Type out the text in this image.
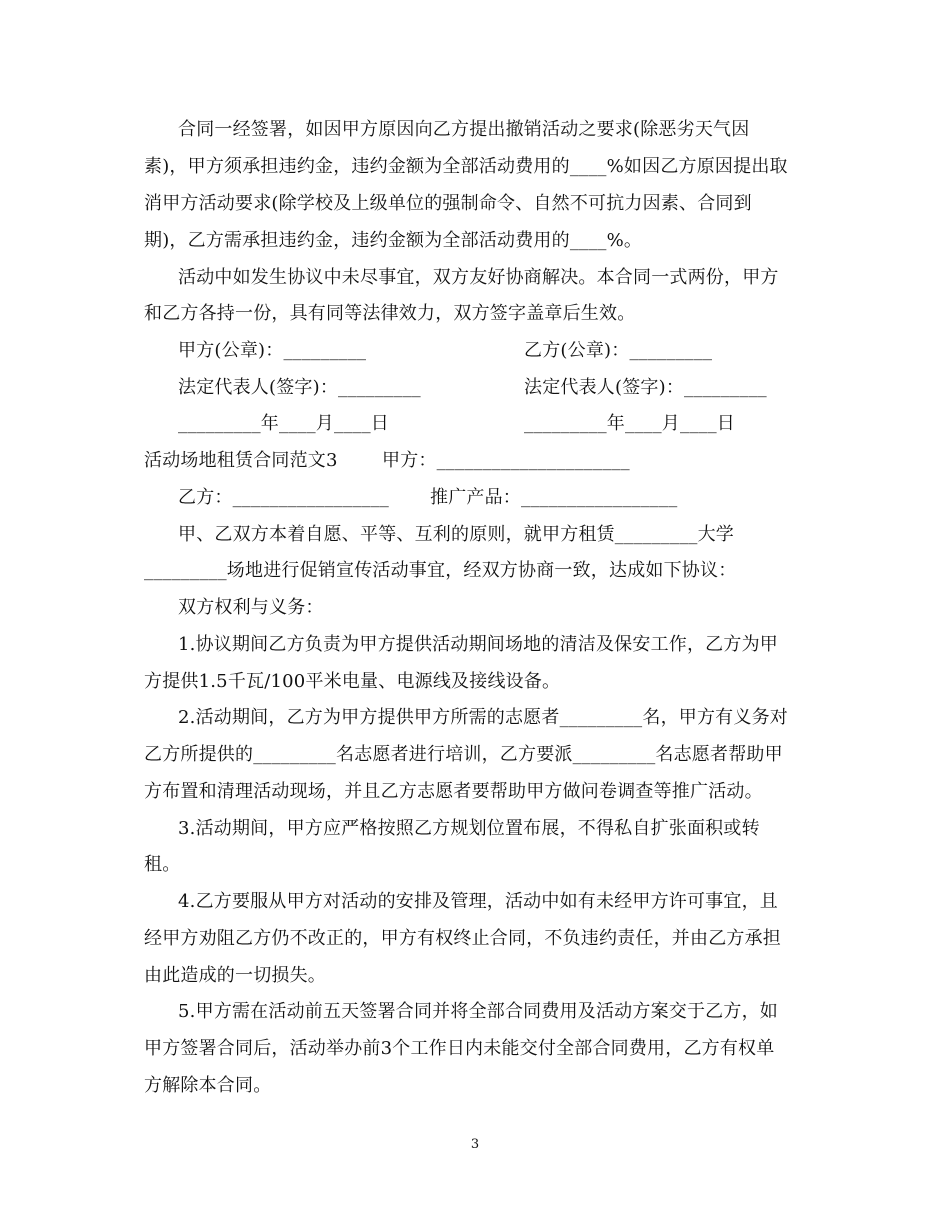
合同一经签署，如因甲方原因向乙方提出撤销活动之要求(除恶劣天气因
素)，甲方须承担违约金，违约金额为全部活动费用的____%如因乙方原因提出取
消甲方活动要求(除学校及上级单位的强制命令、自然不可抗力因素、合同到
期)，乙方需承担违约金，违约金额为全部活动费用的____%。
活动中如发生协议中未尽事宜，双方友好协商解决。本合同一式两份，甲方
和乙方各持一份，具有同等法律效力，双方签字盖章后生效。
甲方(公章)：_________	乙方(公章)：_________
法定代表人(签字)：_________	法定代表人(签字)：_________
_________年____月____日	_________年____月____日
活动场地租赁合同范文3 甲方：_____________________
乙方：_________________ 推广产品：_________________
甲、乙双方本着自愿、平等、互利的原则，就甲方租赁_________大学
_________场地进行促销宣传活动事宜，经双方协商一致，达成如下协议：
双方权利与义务：
1.协议期间乙方负责为甲方提供活动期间场地的清洁及保安工作，乙方为甲
方提供1.5千瓦/100平米电量、电源线及接线设备。
2.活动期间，乙方为甲方提供甲方所需的志愿者_________名，甲方有义务对
乙方所提供的_________名志愿者进行培训，乙方要派_________名志愿者帮助甲
方布置和清理活动现场，并且乙方志愿者要帮助甲方做问卷调查等推广活动。
3.活动期间，甲方应严格按照乙方规划位置布展，不得私自扩张面积或转
租。
4.乙方要服从甲方对活动的安排及管理，活动中如有未经甲方许可事宜，且
经甲方劝阻乙方仍不改正的，甲方有权终止合同，不负违约责任，并由乙方承担
由此造成的一切损失。
5.甲方需在活动前五天签署合同并将全部合同费用及活动方案交于乙方，如
甲方签署合同后，活动举办前3个工作日内未能交付全部合同费用，乙方有权单
方解除本合同。
3
